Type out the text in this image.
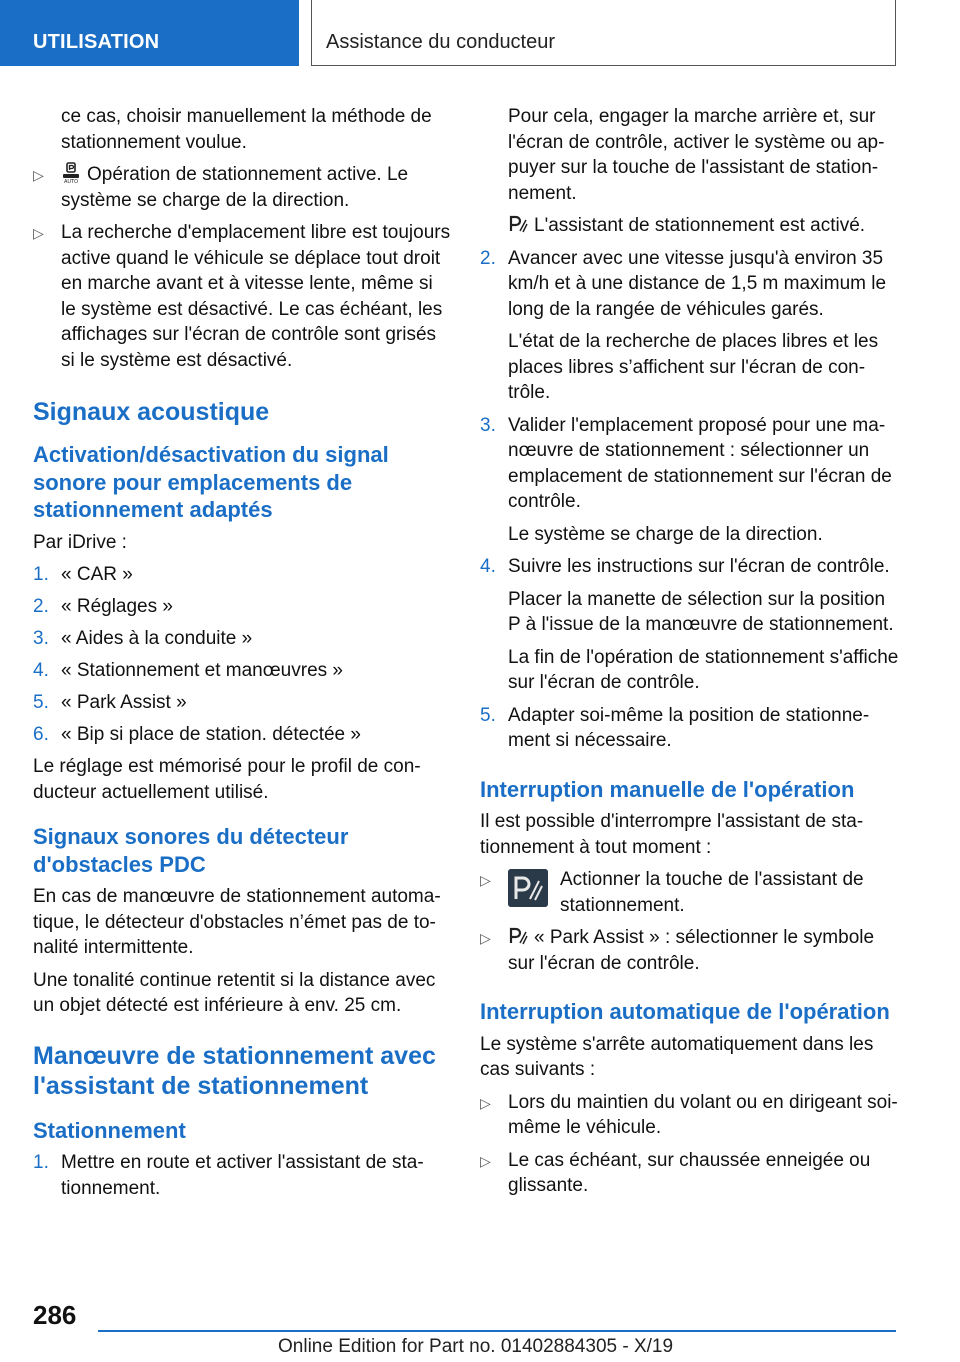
UTILISATION	Assistance du conducteur

ce cas, choisir manuellement la méthode de stationnement voulue.

▷	AUTO Opération de stationnement active. Le système se charge de la direction.
▷ La recherche d'emplacement libre est toujours active quand le véhicule se déplace tout droit en marche avant et à vitesse lente, même si le système est désactivé. Le cas échéant, les affichages sur l'écran de contrôle sont grisés si le système est désactivé.
Signaux acoustique
Activation/désactivation du signal sonore pour emplacements de stationnement adaptés

Par iDrive :

1. « CAR »
2. « Réglages »
3. « Aides à la conduite »
4. « Stationnement et manœuvres »
5. « Park Assist »
6. « Bip si place de station. détectée »

Le réglage est mémorisé pour le profil de conducteur actuellement utilisé.

Signaux sonores du détecteur d'obstacles PDC

En cas de manœuvre de stationnement automatique, le détecteur d'obstacles n’émet pas de tonalité intermittente.

Une tonalité continue retentit si la distance avec un objet détecté est inférieure à env. 25 cm.

Manœuvre de stationnement avec l'assistant de stationnement
Stationnement
1. Mettre en route et activer l'assistant de stationnement.

Pour cela, engager la marche arrière et, sur l'écran de contrôle, activer le système ou appuyer sur la touche de l'assistant de stationnement.

L'assistant de stationnement est activé.

2. Avancer avec une vitesse jusqu'à environ 35 km/h et à une distance de 1,5 m maximum le long de la rangée de véhicules garés.

L'état de la recherche de places libres et les places libres s’affichent sur l'écran de contrôle.

3. Valider l'emplacement proposé pour une manœuvre de stationnement : sélectionner un emplacement de stationnement sur l'écran de contrôle.

Le système se charge de la direction.

4. Suivre les instructions sur l'écran de contrôle.

Placer la manette de sélection sur la position P à l'issue de la manœuvre de stationnement.

La fin de l'opération de stationnement s'affiche sur l'écran de contrôle.

5. Adapter soi-même la position de stationnement si nécessaire.
Interruption manuelle de l'opération

Il est possible d'interrompre l'assistant de stationnement à tout moment :

▷	Actionner la touche de l'assistant de stationnement.
▷ « Park Assist » : sélectionner le symbole sur l'écran de contrôle.
Interruption automatique de l'opération

Le système s'arrête automatiquement dans les cas suivants :

▷ Lors du maintien du volant ou en dirigeant soi-même le véhicule.
▷ Le cas échéant, sur chaussée enneigée ou glissante.
286
Online Edition for Part no. 01402884305 - X/19
